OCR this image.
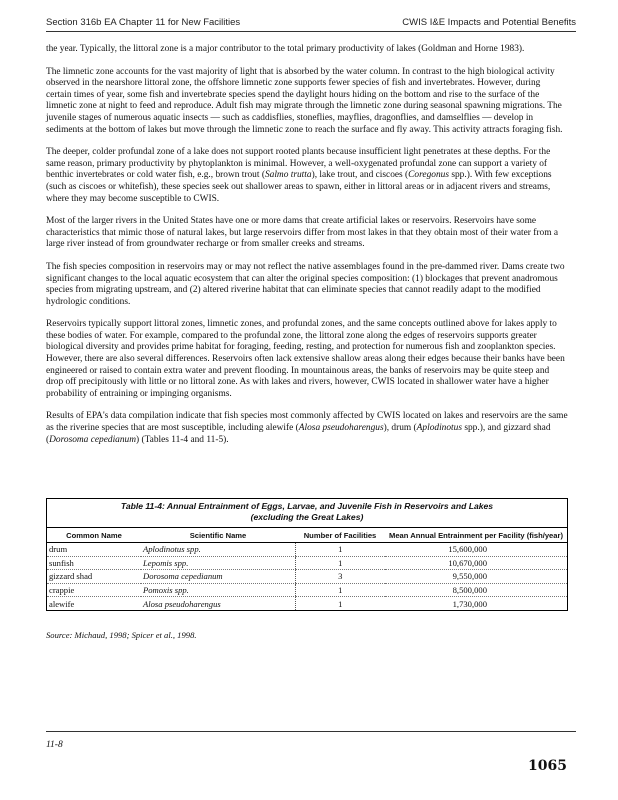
Section 316b EA Chapter 11 for New Facilities	CWIS I&E Impacts and Potential Benefits

the year. Typically, the littoral zone is a major contributor to the total primary productivity of lakes (Goldman and Horne 1983).

The limnetic zone accounts for the vast majority of light that is absorbed by the water column. In contrast to the high biological activity observed in the nearshore littoral zone, the offshore limnetic zone supports fewer species of fish and invertebrates. However, during certain times of year, some fish and invertebrate species spend the daylight hours hiding on the bottom and rise to the surface of the limnetic zone at night to feed and reproduce. Adult fish may migrate through the limnetic zone during seasonal spawning migrations. The juvenile stages of numerous aquatic insects — such as caddisflies, stoneflies, mayflies, dragonflies, and damselflies — develop in sediments at the bottom of lakes but move through the limnetic zone to reach the surface and fly away. This activity attracts foraging fish.

The deeper, colder profundal zone of a lake does not support rooted plants because insufficient light penetrates at these depths. For the same reason, primary productivity by phytoplankton is minimal. However, a well-oxygenated profundal zone can support a variety of benthic invertebrates or cold water fish, e.g., brown trout (Salmo trutta), lake trout, and ciscoes (Coregonus spp.). With few exceptions (such as ciscoes or whitefish), these species seek out shallower areas to spawn, either in littoral areas or in adjacent rivers and streams, where they may become susceptible to CWIS.

Most of the larger rivers in the United States have one or more dams that create artificial lakes or reservoirs. Reservoirs have some characteristics that mimic those of natural lakes, but large reservoirs differ from most lakes in that they obtain most of their water from a large river instead of from groundwater recharge or from smaller creeks and streams.

The fish species composition in reservoirs may or may not reflect the native assemblages found in the pre-dammed river. Dams create two significant changes to the local aquatic ecosystem that can alter the original species composition: (1) blockages that prevent anadromous species from migrating upstream, and (2) altered riverine habitat that can eliminate species that cannot readily adapt to the modified hydrologic conditions.

Reservoirs typically support littoral zones, limnetic zones, and profundal zones, and the same concepts outlined above for lakes apply to these bodies of water. For example, compared to the profundal zone, the littoral zone along the edges of reservoirs supports greater biological diversity and provides prime habitat for foraging, feeding, resting, and protection for numerous fish and zooplankton species. However, there are also several differences. Reservoirs often lack extensive shallow areas along their edges because their banks have been engineered or raised to contain extra water and prevent flooding. In mountainous areas, the banks of reservoirs may be quite steep and drop off precipitously with little or no littoral zone. As with lakes and rivers, however, CWIS located in shallower water have a higher probability of entraining or impinging organisms.

Results of EPA's data compilation indicate that fish species most commonly affected by CWIS located on lakes and reservoirs are the same as the riverine species that are most susceptible, including alewife (Alosa pseudoharengus), drum (Aplodinotus spp.), and gizzard shad (Dorosoma cepedianum) (Tables 11-4 and 11-5).

Table 11-4: Annual Entrainment of Eggs, Larvae, and Juvenile Fish in Reservoirs and Lakes
(excluding the Great Lakes)
Common Name	Scientific Name	Number of Facilities	Mean Annual Entrainment per Facility (fish/year)
drum	Aplodinotus spp.	1	15,600,000
sunfish	Lepomis spp.	1	10,670,000
gizzard shad	Dorosoma cepedianum	3	9,550,000
crappie	Pomoxis spp.	1	8,500,000
alewife	Alosa pseudoharengus	1	1,730,000
Source: Michaud, 1998; Spicer et al., 1998.
11-8
1065
